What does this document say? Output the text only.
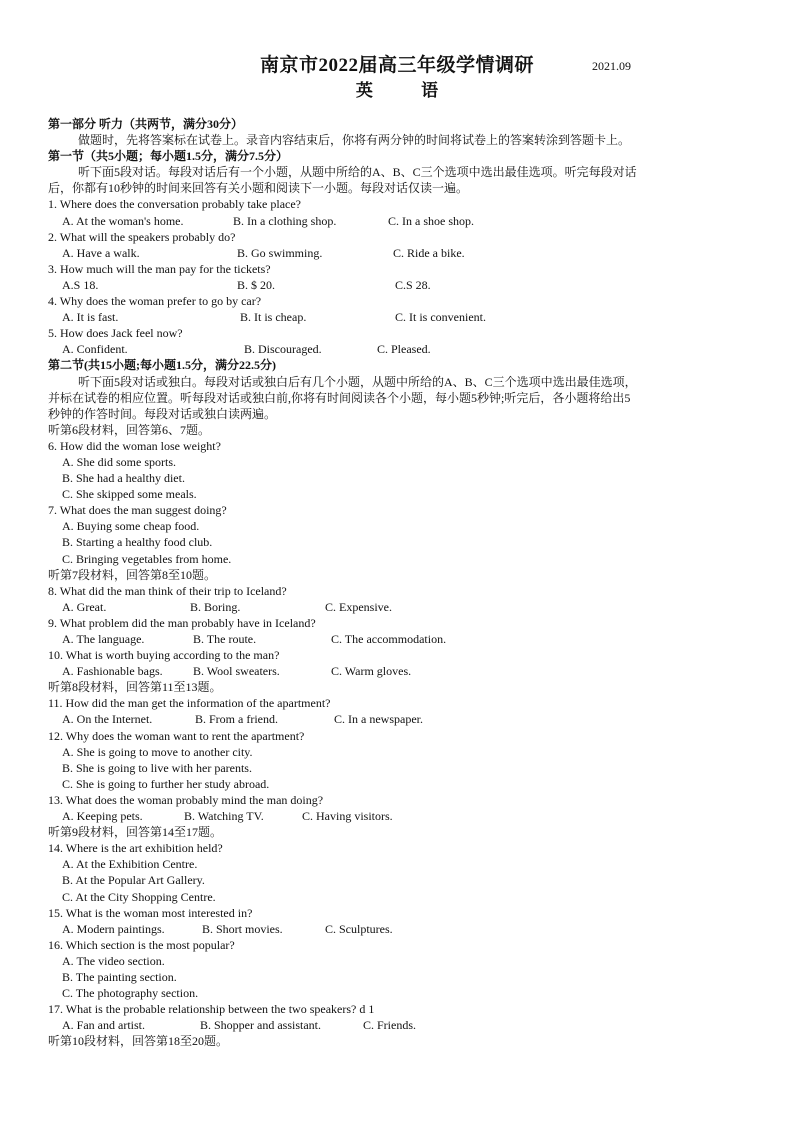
南京市2022届高三年级学情调研	2021.09
英 语
第一部分 听力（共两节，满分30分）
做题时，先将答案标在试卷上。录音内容结束后，你将有两分钟的时间将试卷上的答案转涂到答题卡上。
第一节（共5小题；每小题1.5分，满分7.5分）
听下面5段对话。每段对话后有一个小题，从题中所给的A、B、C三个选项中选出最佳选项。听完每段对话
后，你都有10秒钟的时间来回答有关小题和阅读下一小题。每段对话仅读一遍。
1. Where does the conversation probably take place?
A. At the woman's home.	B. In a clothing shop.	C. In a shoe shop.
2. What will the speakers probably do?
A. Have a walk.	B. Go swimming.	C. Ride a bike.
3. How much will the man pay for the tickets?
A.S 18.	B. $ 20.	C.S 28.
4. Why does the woman prefer to go by car?
A. It is fast.	B. It is cheap.	C. It is convenient.
5. How does Jack feel now?
A. Confident.	B. Discouraged.	C. Pleased.
第二节(共15小题;每小题1.5分，满分22.5分)
听下面5段对话或独白。每段对话或独白后有几个小题，从题中所给的A、B、C三个选项中选出最佳选项，
并标在试卷的相应位置。听每段对话或独白前,你将有时间阅读各个小题，每小题5秒钟;听完后，各小题将给出5
秒钟的作答时间。每段对话或独白读两遍。
听第6段材料，回答第6、7题。
6. How did the woman lose weight?
A. She did some sports.
B. She had a healthy diet.
C. She skipped some meals.
7. What does the man suggest doing?
A. Buying some cheap food.
B. Starting a healthy food club.
C. Bringing vegetables from home.
听第7段材料，回答第8至10题。
8. What did the man think of their trip to Iceland?
A. Great.	B. Boring.	C. Expensive.
9. What problem did the man probably have in Iceland?
A. The language.	B. The route.	C. The accommodation.
10. What is worth buying according to the man?
A. Fashionable bags.	B. Wool sweaters.	C. Warm gloves.
听第8段材料，回答第11至13题。
11. How did the man get the information of the apartment?
A. On the Internet.	B. From a friend.	C. In a newspaper.
12. Why does the woman want to rent the apartment?
A. She is going to move to another city.
B. She is going to live with her parents.
C. She is going to further her study abroad.
13. What does the woman probably mind the man doing?
A. Keeping pets.	B. Watching TV.	C. Having visitors.
听第9段材料，回答第14至17题。
14. Where is the art exhibition held?
A. At the Exhibition Centre.
B. At the Popular Art Gallery.
C. At the City Shopping Centre.
15. What is the woman most interested in?
A. Modern paintings.	B. Short movies.	C. Sculptures.
16. Which section is the most popular?
A. The video section.
B. The painting section.
C. The photography section.
17. What is the probable relationship between the two speakers? d 1
A. Fan and artist.	B. Shopper and assistant.	C. Friends.
听第10段材料，回答第18至20题。
